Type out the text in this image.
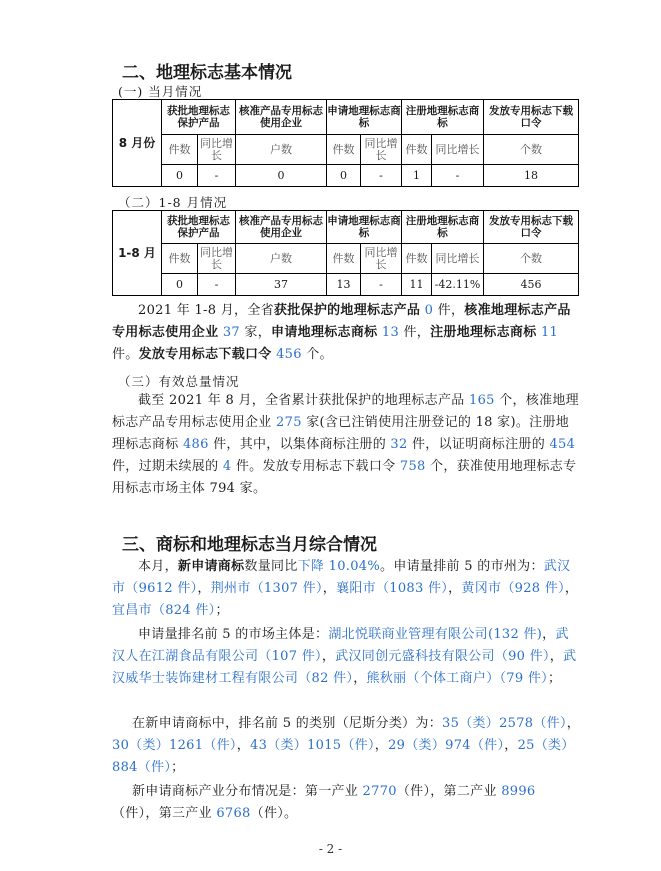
二、地理标志基本情况
(一) 当月情况
8 月份	获批地理标志保护产品		核准产品专用标志使用企业	申请地理标志商标		注册地理标志商标		发放专用标志下载口令
	件数	同比增长	户数	件数	同比增长	件数	同比增长	个数
	0	-	0	0	-	1	-	18
（二）1-8 月情况
1-8 月	获批地理标志保护产品		核准产品专用标志使用企业	申请地理标志商标		注册地理标志商标		发放专用标志下载口令
	件数	同比增长	户数	件数	同比增长	件数	同比增长	个数
	0	-	37	13	-	11	-42.11%	456
2021 年 1-8 月，全省获批保护的地理标志产品 0 件，核准地理标志产品专用标志使用企业 37 家，申请地理标志商标 13 件，注册地理标志商标 11 件。发放专用标志下载口令 456 个。
（三）有效总量情况
截至 2021 年 8 月，全省累计获批保护的地理标志产品 165 个，核准地理标志产品专用标志使用企业 275 家(含已注销使用注册登记的 18 家)。注册地理标志商标 486 件，其中，以集体商标注册的 32 件，以证明商标注册的 454 件，过期未续展的 4 件。发放专用标志下载口令 758 个，获准使用地理标志专用标志市场主体 794 家。
三、商标和地理标志当月综合情况
本月，新申请商标数量同比下降 10.04%。申请量排前 5 的市州为：武汉市（9612 件），荆州市（1307 件），襄阳市（1083 件），黄冈市（928 件），宜昌市（824 件）；
申请量排名前 5 的市场主体是：湖北悦联商业管理有限公司(132 件)，武汉人在江湖食品有限公司（107 件），武汉同创元盛科技有限公司（90 件），武汉威华士装饰建材工程有限公司（82 件），熊秋丽（个体工商户）（79 件）；
在新申请商标中，排名前 5 的类别（尼斯分类）为：35（类）2578（件），30（类）1261（件），43（类）1015（件），29（类）974（件），25（类）884（件）；
新申请商标产业分布情况是：第一产业 2770（件），第二产业 8996（件），第三产业 6768（件）。
- 2 -
